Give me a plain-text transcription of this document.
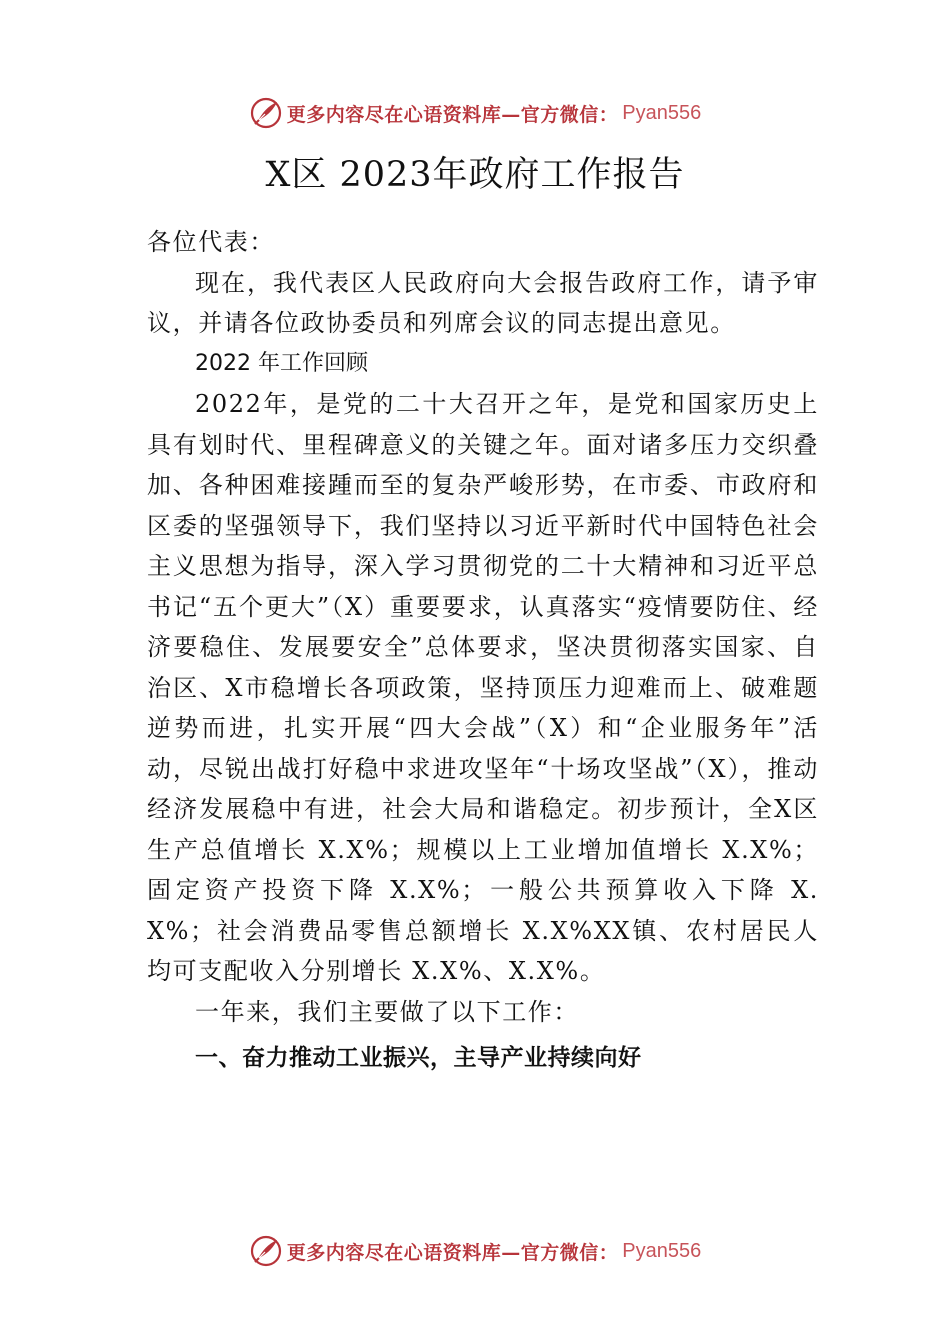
更多内容尽在心语资料库—官方微信： Pyan556
X区 2023年政府工作报告

各位代表：

现在，我代表区人民政府向大会报告政府工作，请予审议，并请各位政协委员和列席会议的同志提出意见。

2022 年工作回顾

2022年，是党的二十大召开之年，是党和国家历史上具有划时代、里程碑意义的关键之年。面对诸多压力交织叠加、各种困难接踵而至的复杂严峻形势，在市委、市政府和区委的坚强领导下，我们坚持以习近平新时代中国特色社会主义思想为指导，深入学习贯彻党的二十大精神和习近平总书记“五个更大”（X）重要要求，认真落实“疫情要防住、经济要稳住、发展要安全”总体要求，坚决贯彻落实国家、自治区、X市稳增长各项政策，坚持顶压力迎难而上、破难题逆势而进，扎实开展“四大会战”（X）和“企业服务年”活动，尽锐出战打好稳中求进攻坚年“十场攻坚战”（X），推动经济发展稳中有进，社会大局和谐稳定。初步预计，全X区生产总值增长 X.X%；规模以上工业增加值增长 X.X%；固定资产投资下降 X.X%；一般公共预算收入下降 X.X%；社会消费品零售总额增长 X.X%XX镇、农村居民人均可支配收入分别增长 X.X%、X.X%。

一年来，我们主要做了以下工作：

一、奋力推动工业振兴，主导产业持续向好

更多内容尽在心语资料库—官方微信： Pyan556
